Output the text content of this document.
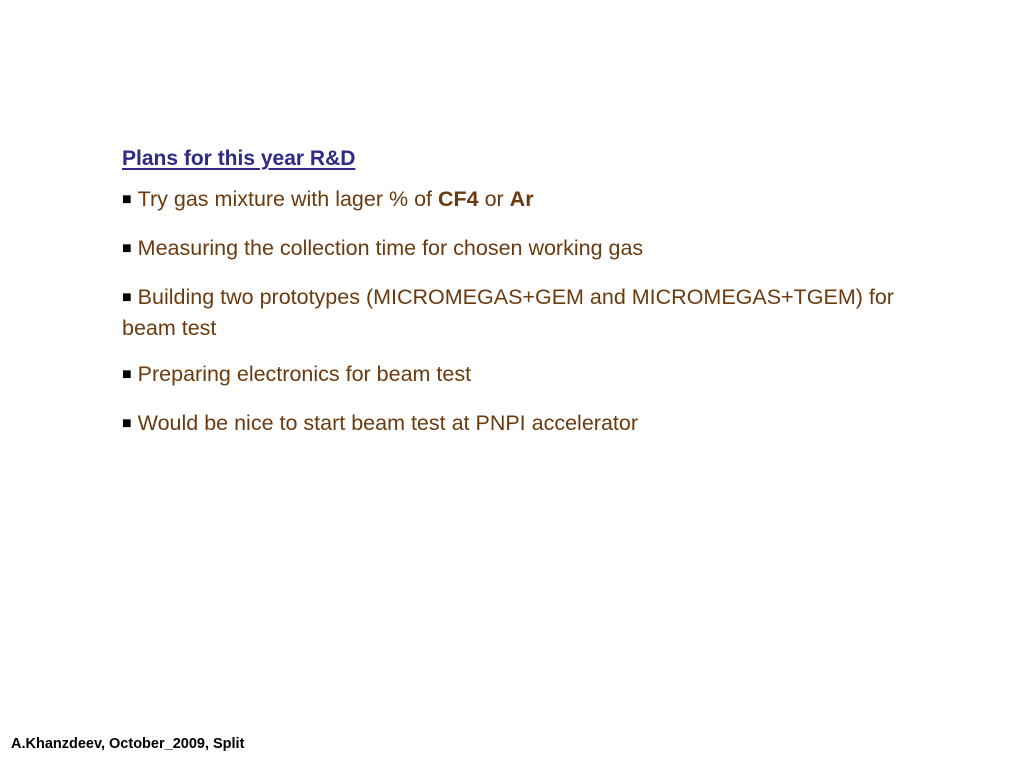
Plans for this year R&D
■ Try gas mixture with lager % of CF4 or Ar
■ Measuring the collection time for chosen working gas
■ Building two prototypes (MICROMEGAS+GEM and MICROMEGAS+TGEM) for beam test
■ Preparing electronics for beam test
■ Would be nice to start beam test at PNPI accelerator
A.Khanzdeev, October_2009, Split
